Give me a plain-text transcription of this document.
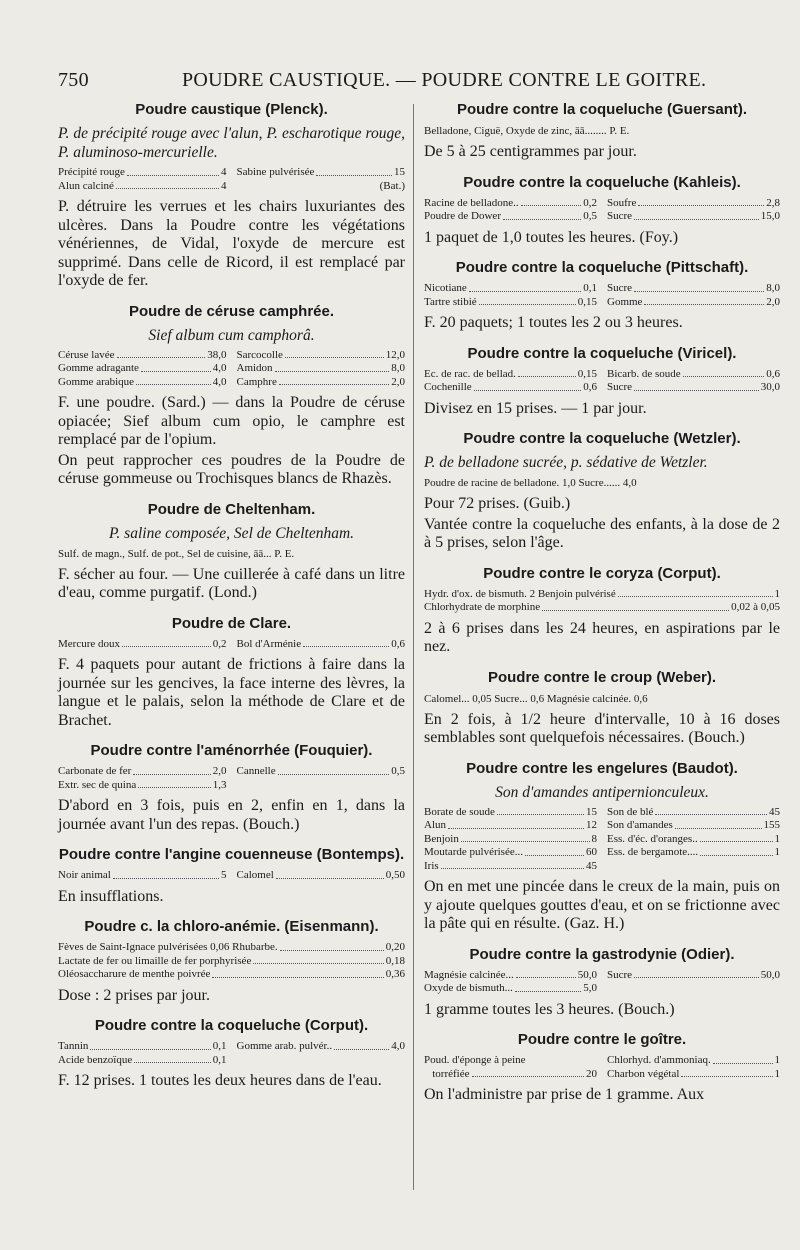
750	POUDRE CAUSTIQUE. — POUDRE CONTRE LE GOITRE.
Poudre caustique (Plenck).

P. de précipité rouge avec l'alun, P. escharotique rouge, P. aluminoso-mercurielle.

Précipité rouge	4 Sabine pulvérisée	15
Alun calciné	4	(Bat.)

P. détruire les verrues et les chairs luxuriantes des ulcères. Dans la Poudre contre les végétations vénériennes, de Vidal, l'oxyde de mercure est supprimé. Dans celle de Ricord, il est remplacé par l'oxyde de fer.

Poudre de céruse camphrée.

Sief album cum camphorâ.

Céruse lavée	38,0 Sarcocolle	12,0
Gomme adragante	4,0 Amidon	8,0
Gomme arabique	4,0 Camphre	2,0

F. une poudre. (Sard.) — dans la Poudre de céruse opiacée; Sief album cum opio, le camphre est remplacé par de l'opium.

On peut rapprocher ces poudres de la Poudre de céruse gommeuse ou Trochisques blancs de Rhazès.

Poudre de Cheltenham.

P. saline composée, Sel de Cheltenham.

Sulf. de magn., Sulf. de pot., Sel de cuisine, āā... P. E.

F. sécher au four. — Une cuillerée à café dans un litre d'eau, comme purgatif. (Lond.)

Poudre de Clare.
Mercure doux	0,2 Bol d'Arménie	0,6

F. 4 paquets pour autant de frictions à faire dans la journée sur les gencives, la face interne des lèvres, la langue et le palais, selon la méthode de Clare et de Brachet.

Poudre contre l'aménorrhée (Fouquier).
Carbonate de fer	2,0 Cannelle	0,5
Extr. sec de quina	1,3

D'abord en 3 fois, puis en 2, enfin en 1, dans la journée avant l'un des repas. (Bouch.)

Poudre contre l'angine couenneuse (Bontemps).
Noir animal	5 Calomel	0,50

En insufflations.

Poudre c. la chloro-anémie. (Eisenmann).
Fèves de Saint-Ignace pulvérisées 0,06 Rhubarbe.	0,20
Lactate de fer ou limaille de fer porphyrisée	0,18
Oléosaccharure de menthe poivrée	0,36

Dose : 2 prises par jour.

Poudre contre la coqueluche (Corput).
Tannin	0,1 Gomme arab. pulvér..	4,0
Acide benzoïque	0,1

F. 12 prises. 1 toutes les deux heures dans de l'eau.

Poudre contre la coqueluche (Guersant).

Belladone, Ciguë, Oxyde de zinc, āā........ P. E.

De 5 à 25 centigrammes par jour.

Poudre contre la coqueluche (Kahleis).
Racine de belladone..	0,2 Soufre	2,8
Poudre de Dower	0,5 Sucre	15,0

1 paquet de 1,0 toutes les heures. (Foy.)

Poudre contre la coqueluche (Pittschaft).
Nicotiane	0,1 Sucre	8,0
Tartre stibié	0,15 Gomme	2,0

F. 20 paquets; 1 toutes les 2 ou 3 heures.

Poudre contre la coqueluche (Viricel).
Ec. de rac. de bellad.	0,15 Bicarb. de soude	0,6
Cochenille	0,6 Sucre	30,0

Divisez en 15 prises. — 1 par jour.

Poudre contre la coqueluche (Wetzler).

P. de belladone sucrée, p. sédative de Wetzler.

Poudre de racine de belladone. 1,0 Sucre...... 4,0

Pour 72 prises. (Guib.)

Vantée contre la coqueluche des enfants, à la dose de 2 à 5 prises, selon l'âge.

Poudre contre le coryza (Corput).
Hydr. d'ox. de bismuth. 2 Benjoin pulvérisé	1
Chlorhydrate de morphine	0,02 à 0,05

2 à 6 prises dans les 24 heures, en aspirations par le nez.

Poudre contre le croup (Weber).

Calomel... 0,05 Sucre... 0,6 Magnésie calcinée. 0,6

En 2 fois, à 1/2 heure d'intervalle, 10 à 16 doses semblables sont quelquefois nécessaires. (Bouch.)

Poudre contre les engelures (Baudot).

Son d'amandes antipernionculeux.

Borate de soude	15 Son de blé	45
Alun	12 Son d'amandes	155
Benjoin	8 Ess. d'éc. d'oranges..	1
Moutarde pulvérisée...	60 Ess. de bergamote....	1
Iris	45

On en met une pincée dans le creux de la main, puis on y ajoute quelques gouttes d'eau, et on se frictionne avec la pâte qui en résulte. (Gaz. H.)

Poudre contre la gastrodynie (Odier).
Magnésie calcinée...	50,0 Sucre	50,0
Oxyde de bismuth...	5,0

1 gramme toutes les 3 heures. (Bouch.)

Poudre contre le goître.
Poud. d'éponge à peine	Chlorhyd. d'ammoniaq.	1
torréfiée	20 Charbon végétal	1

On l'administre par prise de 1 gramme. Aux
